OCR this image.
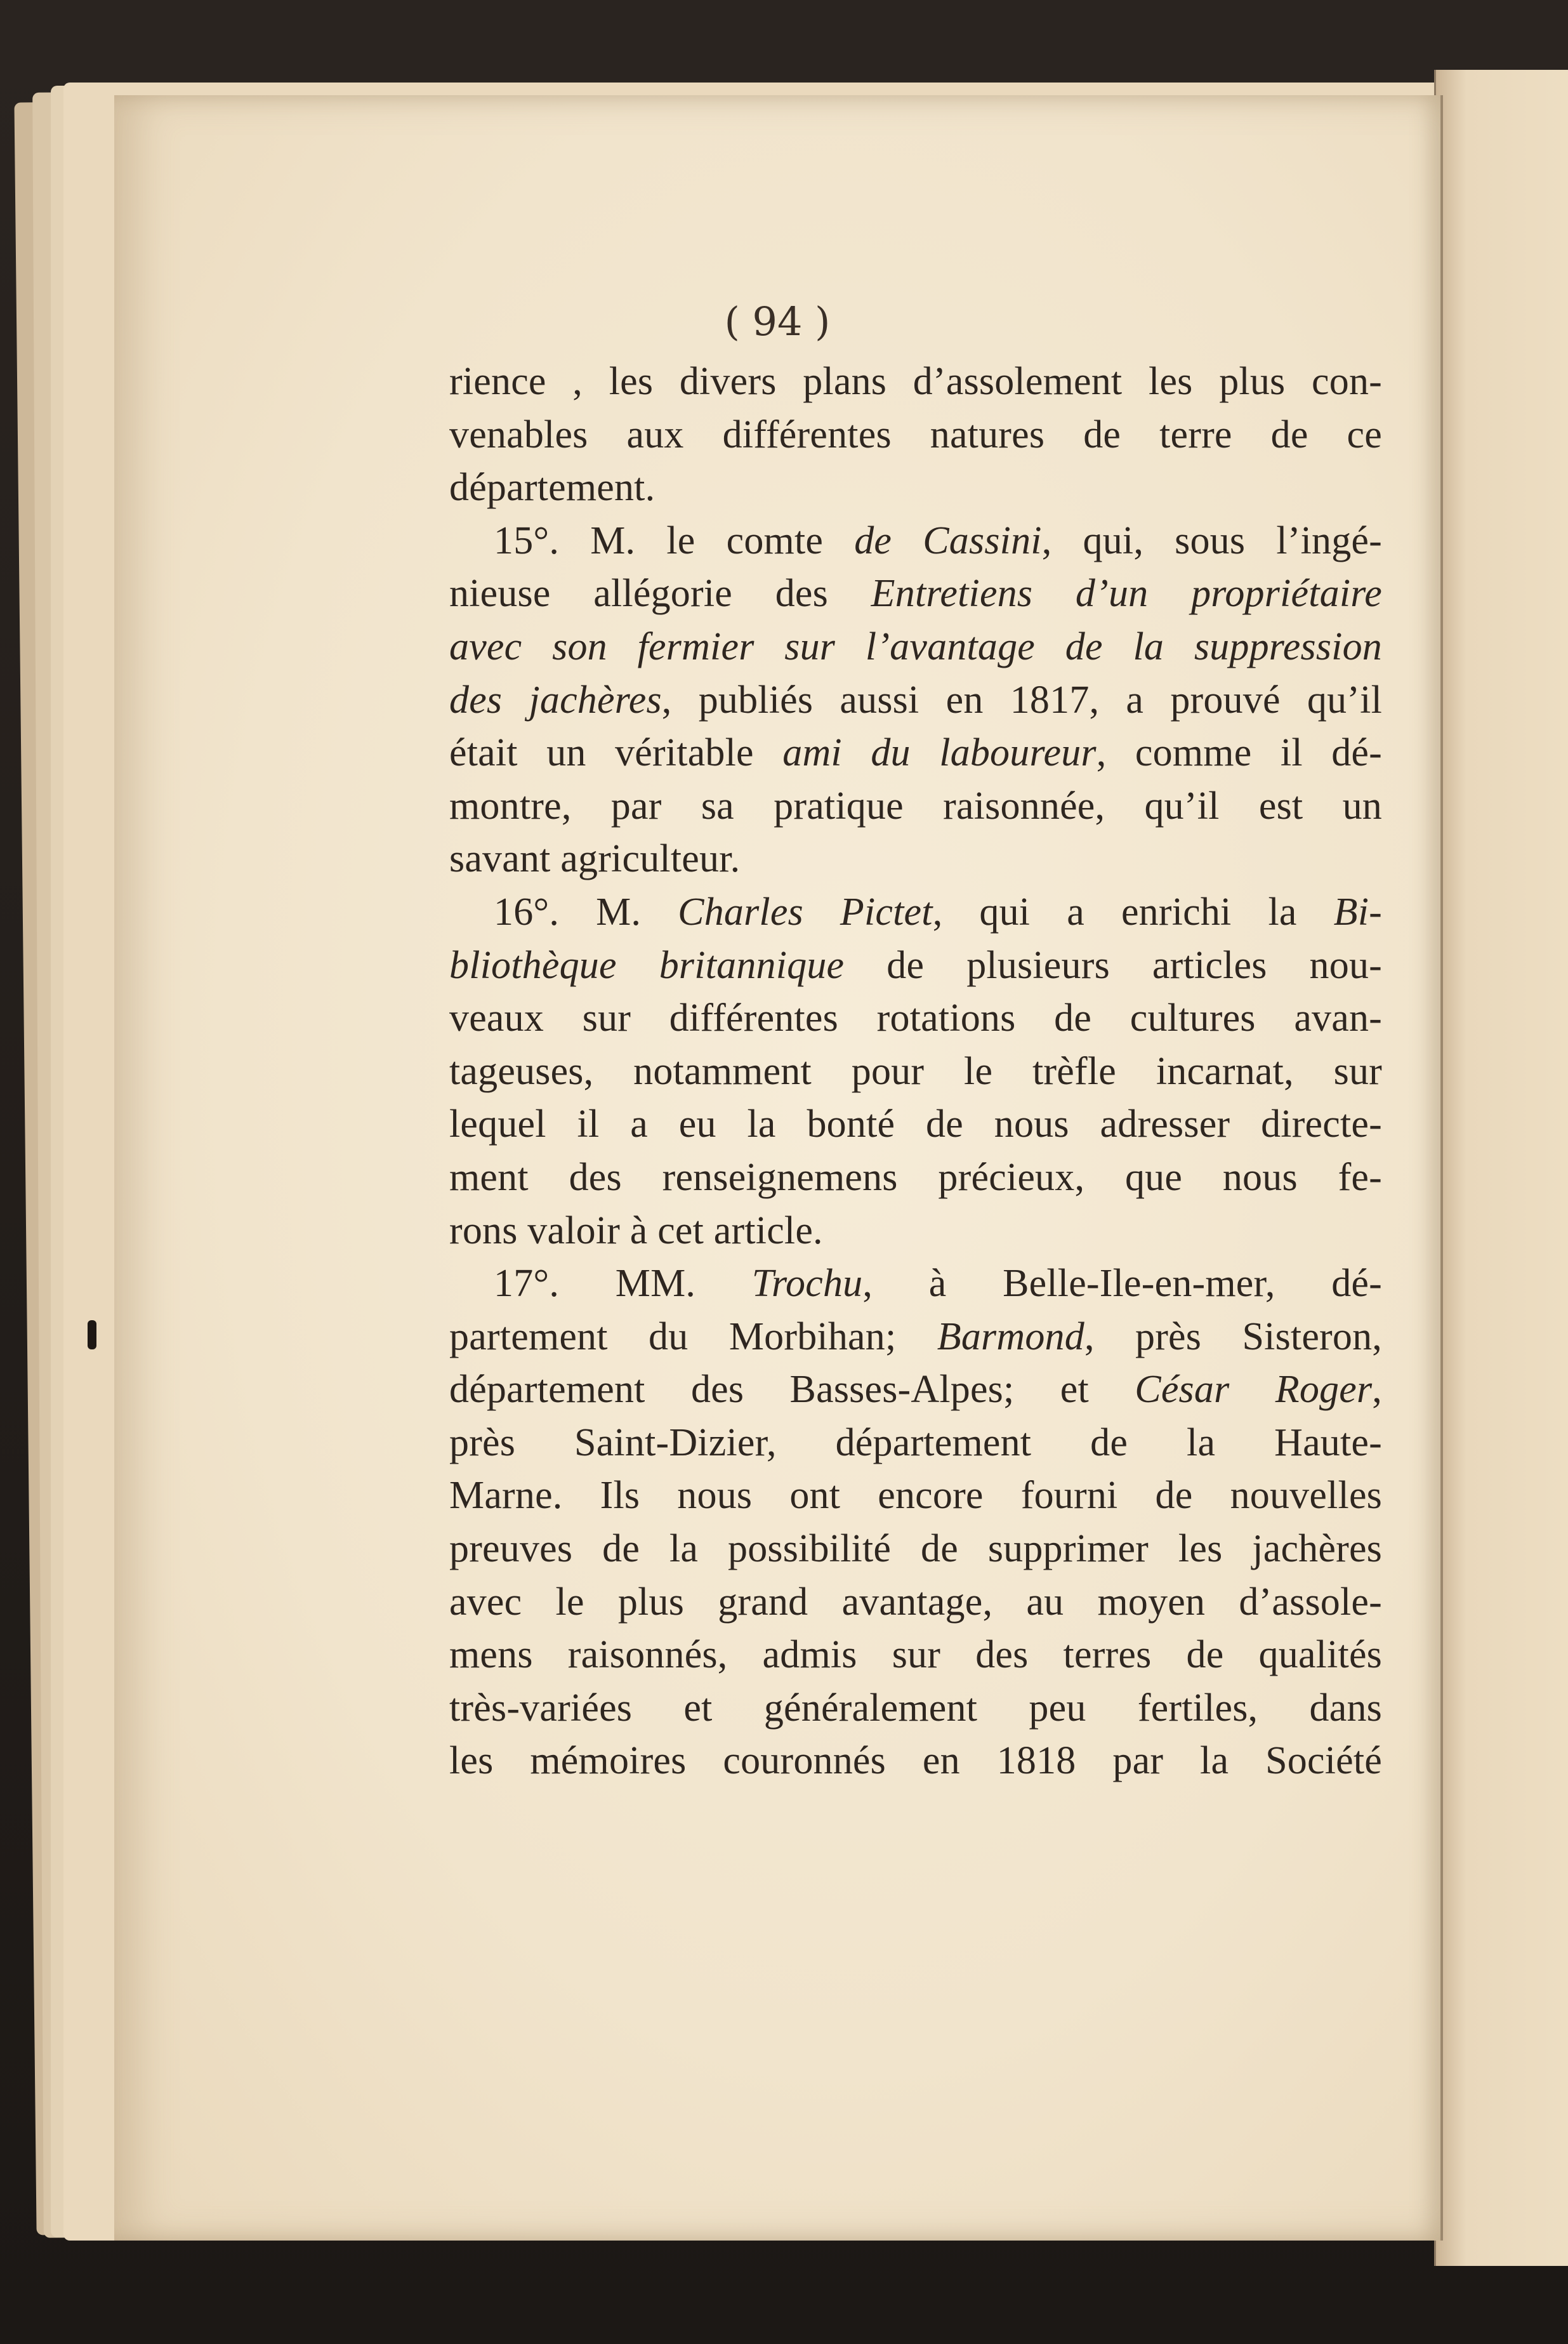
( 94 )

rience , les divers plans d’assolement les plus con-
venables aux différentes natures de terre de ce
département.
15°. M. le comte de Cassini, qui, sous l’ingé-
nieuse allégorie des Entretiens d’un propriétaire
avec son fermier sur l’avantage de la suppression
des jachères, publiés aussi en 1817, a prouvé qu’il
était un véritable ami du laboureur, comme il dé-
montre, par sa pratique raisonnée, qu’il est un
savant agriculteur.
16°. M. Charles Pictet, qui a enrichi la Bi-
bliothèque britannique de plusieurs articles nou-
veaux sur différentes rotations de cultures avan-
tageuses, notamment pour le trèfle incarnat, sur
lequel il a eu la bonté de nous adresser directe-
ment des renseignemens précieux, que nous fe-
rons valoir à cet article.
17°. MM. Trochu, à Belle-Ile-en-mer, dé-
partement du Morbihan; Barmond, près Sisteron,
département des Basses-Alpes; et César Roger,
près Saint-Dizier, département de la Haute-
Marne. Ils nous ont encore fourni de nouvelles
preuves de la possibilité de supprimer les jachères
avec le plus grand avantage, au moyen d’assole-
mens raisonnés, admis sur des terres de qualités
très-variées et généralement peu fertiles, dans
les mémoires couronnés en 1818 par la Société
